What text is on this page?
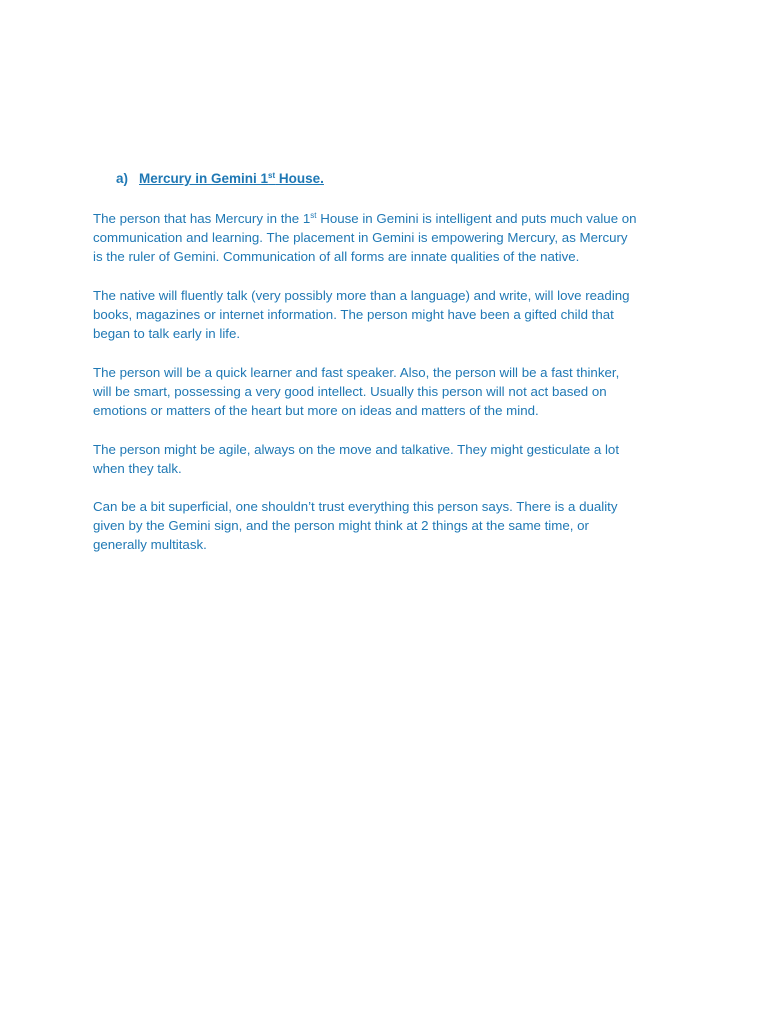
a) Mercury in Gemini 1st House.
The person that has Mercury in the 1st House in Gemini is intelligent and puts much value on
communication and learning. The placement in Gemini is empowering Mercury, as Mercury
is the ruler of Gemini. Communication of all forms are innate qualities of the native.
The native will fluently talk (very possibly more than a language) and write, will love reading
books, magazines or internet information. The person might have been a gifted child that
began to talk early in life.
The person will be a quick learner and fast speaker. Also, the person will be a fast thinker,
will be smart, possessing a very good intellect. Usually this person will not act based on
emotions or matters of the heart but more on ideas and matters of the mind.
The person might be agile, always on the move and talkative. They might gesticulate a lot
when they talk.
Can be a bit superficial, one shouldn’t trust everything this person says. There is a duality
given by the Gemini sign, and the person might think at 2 things at the same time, or
generally multitask.
